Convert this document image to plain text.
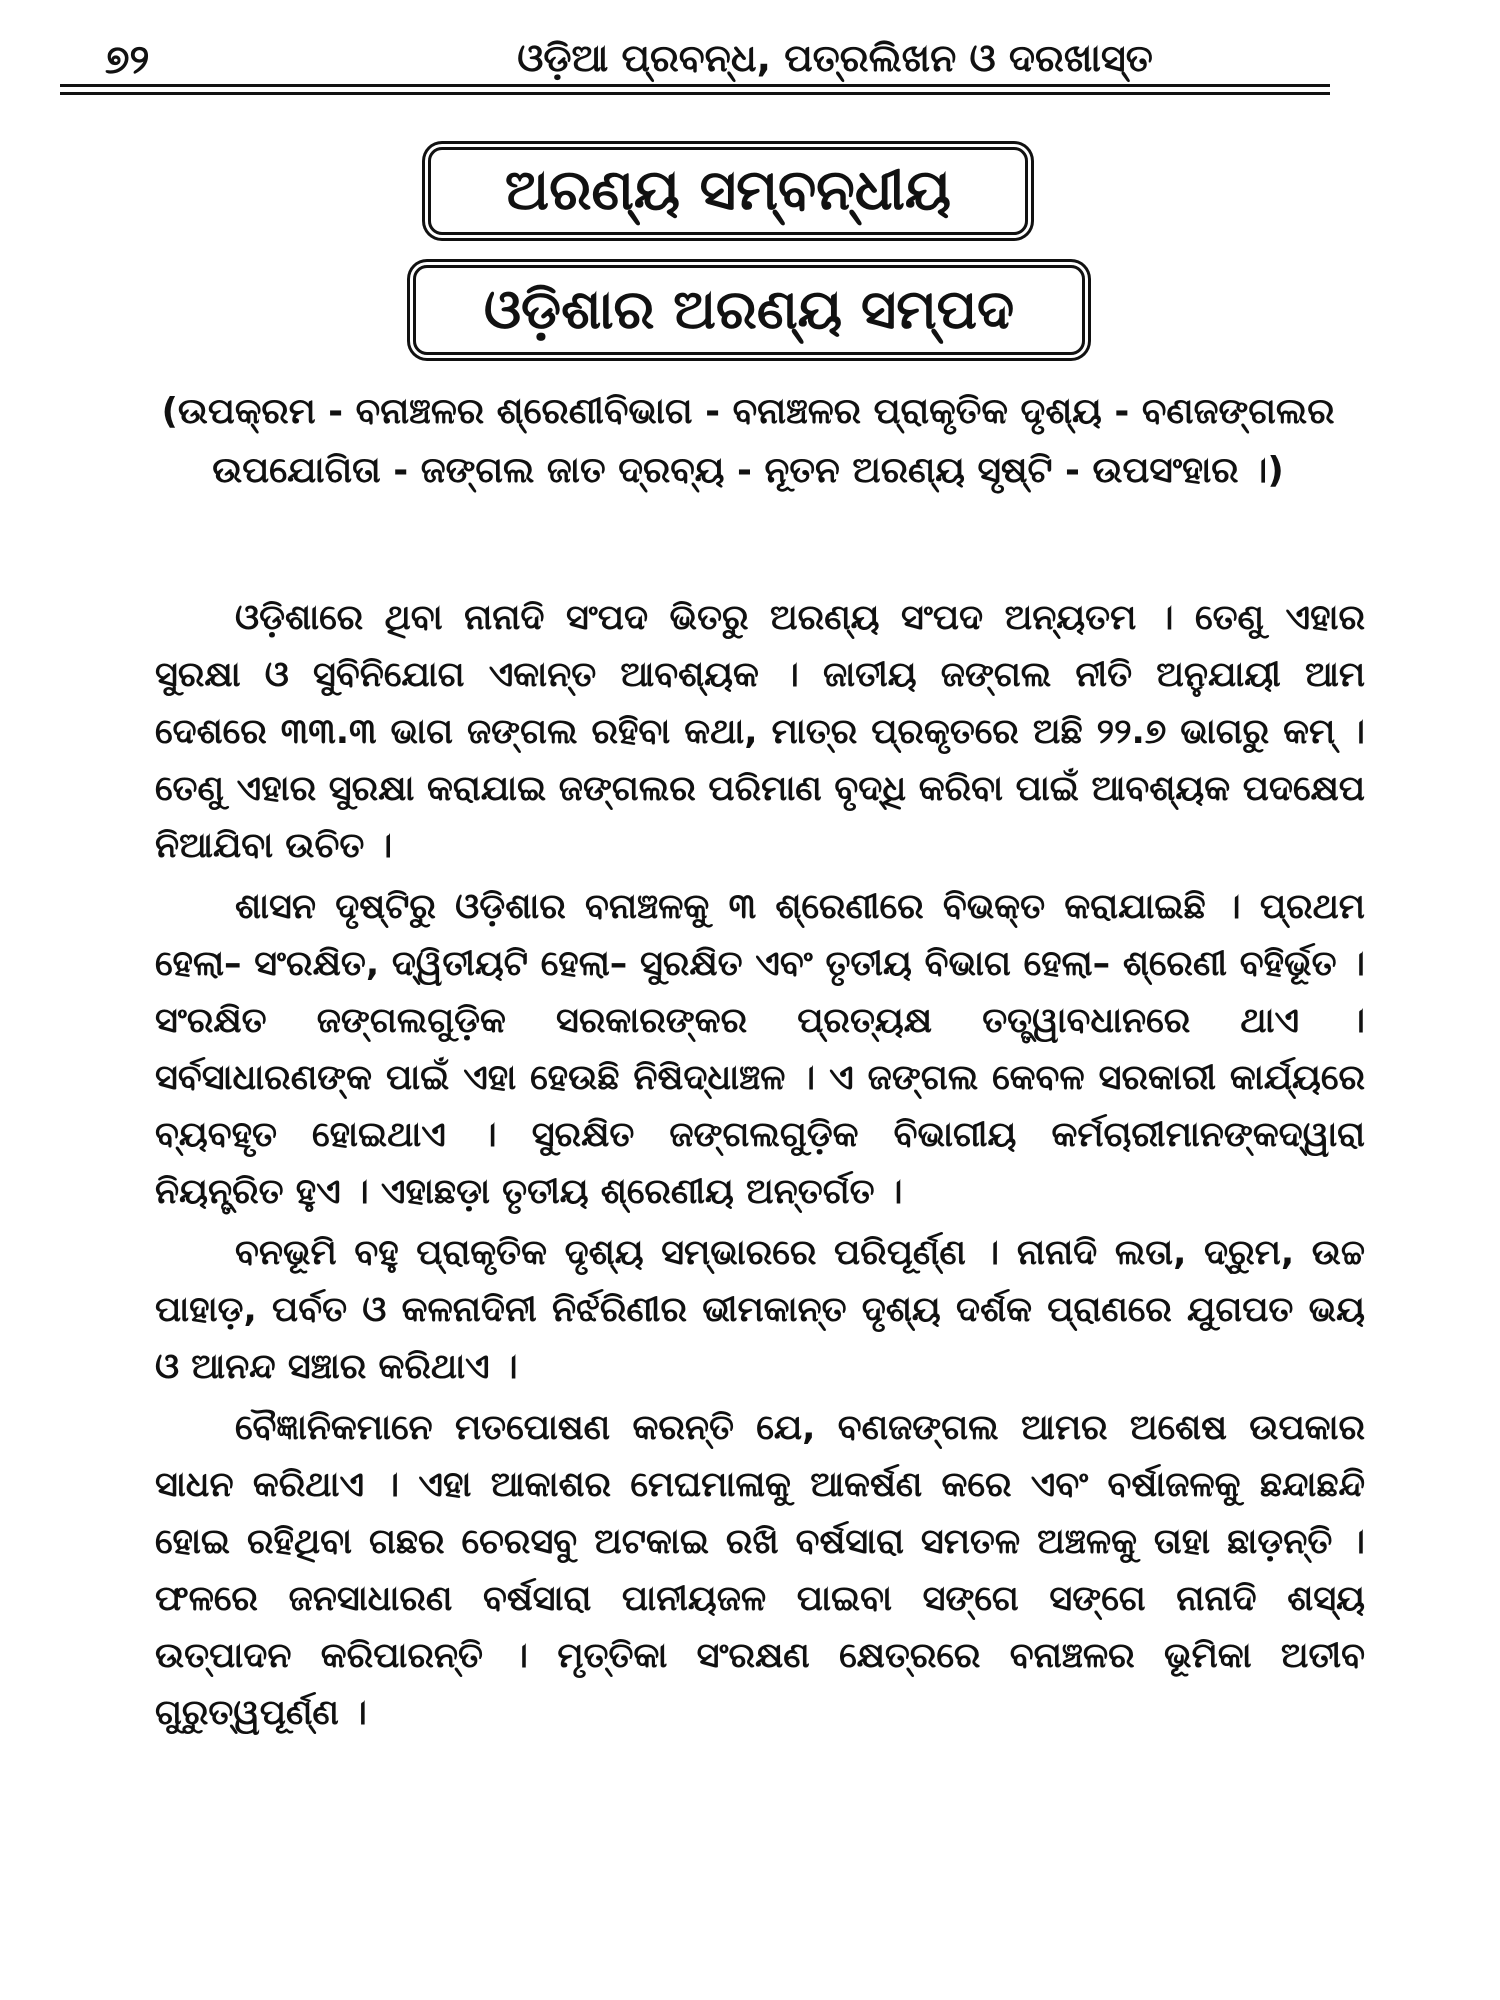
୭୨	ଓଡ଼ିଆ ପ୍ରବନ୍ଧ, ପତ୍ରଲିଖନ ଓ ଦରଖାସ୍ତ
ଅରଣ୍ୟ ସମ୍ବନ୍ଧୀୟ
ଓଡ଼ିଶାର ଅରଣ୍ୟ ସମ୍ପଦ
(ଉପକ୍ରମ - ବନାଞ୍ଚଳର ଶ୍ରେଣୀବିଭାଗ - ବନାଞ୍ଚଳର ପ୍ରାକୃତିକ ଦୃଶ୍ୟ - ବଣଜଙ୍ଗଲର ଉପଯୋଗିତା - ଜଙ୍ଗଲ ଜାତ ଦ୍ରବ୍ୟ - ନୂତନ ଅରଣ୍ୟ ସୃଷ୍ଟି - ଉପସଂହାର ।)

ଓଡ଼ିଶାରେ ଥିବା ନାନାଦି ସଂପଦ ଭିତରୁ ଅରଣ୍ୟ ସଂପଦ ଅନ୍ୟତମ । ତେଣୁ ଏହାର ସୁରକ୍ଷା ଓ ସୁବିନିଯୋଗ ଏକାନ୍ତ ଆବଶ୍ୟକ । ଜାତୀୟ ଜଙ୍ଗଲ ନୀତି ଅନୁଯାୟୀ ଆମ ଦେଶରେ ୩୩.୩ ଭାଗ ଜଙ୍ଗଲ ରହିବା କଥା, ମାତ୍ର ପ୍ରକୃତରେ ଅଛି ୨୨.୭ ଭାଗରୁ କମ୍ । ତେଣୁ ଏହାର ସୁରକ୍ଷା କରାଯାଇ ଜଙ୍ଗଲର ପରିମାଣ ବୃଦ୍ଧି କରିବା ପାଇଁ ଆବଶ୍ୟକ ପଦକ୍ଷେପ ନିଆଯିବା ଉଚିତ ।

ଶାସନ ଦୃଷ୍ଟିରୁ ଓଡ଼ିଶାର ବନାଞ୍ଚଳକୁ ୩ ଶ୍ରେଣୀରେ ବିଭକ୍ତ କରାଯାଇଛି । ପ୍ରଥମ ହେଲା– ସଂରକ୍ଷିତ, ଦ୍ୱିତୀୟଟି ହେଲା– ସୁରକ୍ଷିତ ଏବଂ ତୃତୀୟ ବିଭାଗ ହେଲା– ଶ୍ରେଣୀ ବହିର୍ଭୂତ । ସଂରକ୍ଷିତ ଜଙ୍ଗଲଗୁଡ଼ିକ ସରକାରଙ୍କର ପ୍ରତ୍ୟକ୍ଷ ତତ୍ତ୍ୱାବଧାନରେ ଥାଏ । ସର୍ବସାଧାରଣଙ୍କ ପାଇଁ ଏହା ହେଉଛି ନିଷିଦ୍ଧାଞ୍ଚଳ । ଏ ଜଙ୍ଗଲ କେବଳ ସରକାରୀ କାର୍ଯ୍ୟରେ ବ୍ୟବହୃତ ହୋଇଥାଏ । ସୁରକ୍ଷିତ ଜଙ୍ଗଲଗୁଡ଼ିକ ବିଭାଗୀୟ କର୍ମଚାରୀମାନଙ୍କଦ୍ୱାରା ନିୟନ୍ତ୍ରିତ ହୁଏ । ଏହାଛଡ଼ା ତୃତୀୟ ଶ୍ରେଣୀୟ ଅନ୍ତର୍ଗତ ।

ବନଭୂମି ବହୁ ପ୍ରାକୃତିକ ଦୃଶ୍ୟ ସମ୍ଭାରରେ ପରିପୂର୍ଣ୍ଣ । ନାନାଦି ଲତା, ଦ୍ରୁମ, ଉଚ୍ଚ ପାହାଡ଼, ପର୍ବତ ଓ କଳନାଦିନୀ ନିର୍ଝରିଣୀର ଭୀମକାନ୍ତ ଦୃଶ୍ୟ ଦର୍ଶକ ପ୍ରାଣରେ ଯୁଗପତ ଭୟ ଓ ଆନନ୍ଦ ସଞ୍ଚାର କରିଥାଏ ।

ବୈଜ୍ଞାନିକମାନେ ମତପୋଷଣ କରନ୍ତି ଯେ, ବଣଜଙ୍ଗଲ ଆମର ଅଶେଷ ଉପକାର ସାଧନ କରିଥାଏ । ଏହା ଆକାଶର ମେଘମାଳାକୁ ଆକର୍ଷଣ କରେ ଏବଂ ବର୍ଷାଜଳକୁ ଛନ୍ଦାଛନ୍ଦି ହୋଇ ରହିଥିବା ଗଛର ଚେରସବୁ ଅଟକାଇ ରଖି ବର୍ଷସାରା ସମତଳ ଅଞ୍ଚଳକୁ ତାହା ଛାଡ଼ନ୍ତି । ଫଳରେ ଜନସାଧାରଣ ବର୍ଷସାରା ପାନୀୟଜଳ ପାଇବା ସଙ୍ଗେ ସଙ୍ଗେ ନାନାଦି ଶସ୍ୟ ଉତ୍ପାଦନ କରିପାରନ୍ତି । ମୃତ୍ତିକା ସଂରକ୍ଷଣ କ୍ଷେତ୍ରରେ ବନାଞ୍ଚଳର ଭୂମିକା ଅତୀବ ଗୁରୁତ୍ୱପୂର୍ଣ୍ଣ ।
